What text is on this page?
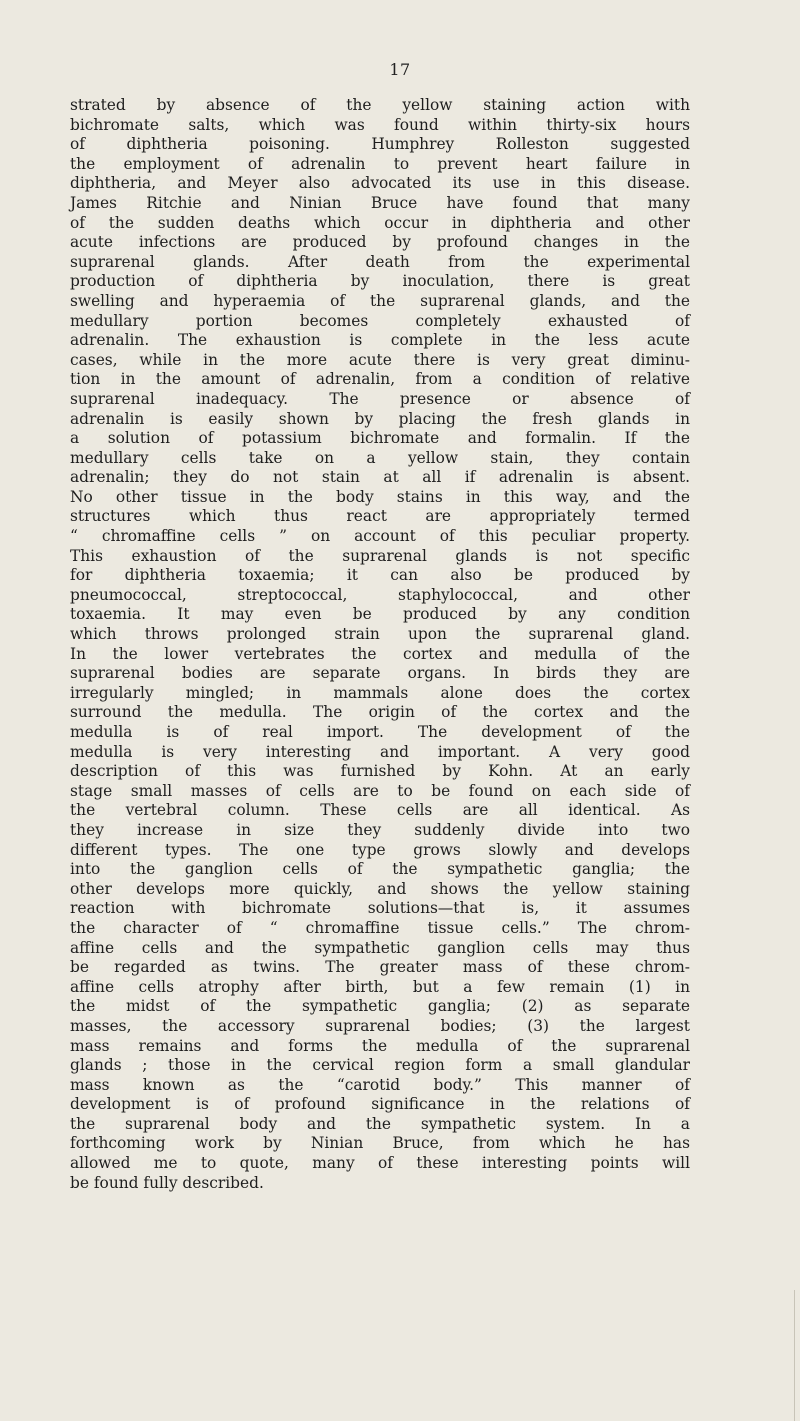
17
strated by absence of the yellow staining action with
bichromate salts, which was found within thirty-six hours
of diphtheria poisoning. Humphrey Rolleston suggested
the employment of adrenalin to prevent heart failure in
diphtheria, and Meyer also advocated its use in this disease.
James Ritchie and Ninian Bruce have found that many
of the sudden deaths which occur in diphtheria and other
acute infections are produced by profound changes in the
suprarenal glands. After death from the experimental
production of diphtheria by inoculation, there is great
swelling and hyperaemia of the suprarenal glands, and the
medullary portion becomes completely exhausted of
adrenalin. The exhaustion is complete in the less acute
cases, while in the more acute there is very great diminu-
tion in the amount of adrenalin, from a condition of relative
suprarenal inadequacy. The presence or absence of
adrenalin is easily shown by placing the fresh glands in
a solution of potassium bichromate and formalin. If the
medullary cells take on a yellow stain, they contain
adrenalin; they do not stain at all if adrenalin is absent.
No other tissue in the body stains in this way, and the
structures which thus react are appropriately termed
“ chromaffine cells ” on account of this peculiar property.
This exhaustion of the suprarenal glands is not specific
for diphtheria toxaemia; it can also be produced by
pneumococcal, streptococcal, staphylococcal, and other
toxaemia. It may even be produced by any condition
which throws prolonged strain upon the suprarenal gland.
In the lower vertebrates the cortex and medulla of the
suprarenal bodies are separate organs. In birds they are
irregularly mingled; in mammals alone does the cortex
surround the medulla. The origin of the cortex and the
medulla is of real import. The development of the
medulla is very interesting and important. A very good
description of this was furnished by Kohn. At an early
stage small masses of cells are to be found on each side of
the vertebral column. These cells are all identical. As
they increase in size they suddenly divide into two
different types. The one type grows slowly and develops
into the ganglion cells of the sympathetic ganglia; the
other develops more quickly, and shows the yellow staining
reaction with bichromate solutions—that is, it assumes
the character of “ chromaffine tissue cells.” The chrom-
affine cells and the sympathetic ganglion cells may thus
be regarded as twins. The greater mass of these chrom-
affine cells atrophy after birth, but a few remain (1) in
the midst of the sympathetic ganglia; (2) as separate
masses, the accessory suprarenal bodies; (3) the largest
mass remains and forms the medulla of the suprarenal
glands ; those in the cervical region form a small glandular
mass known as the “carotid body.” This manner of
development is of profound significance in the relations of
the suprarenal body and the sympathetic system. In a
forthcoming work by Ninian Bruce, from which he has
allowed me to quote, many of these interesting points will
be found fully described.
